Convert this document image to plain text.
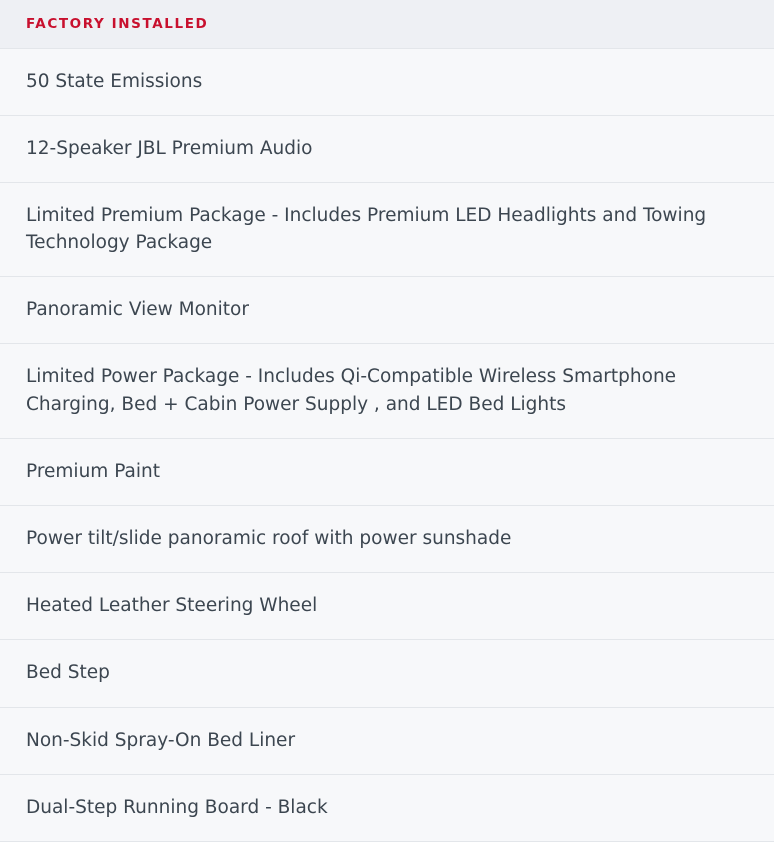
FACTORY INSTALLED
50 State Emissions
12-Speaker JBL Premium Audio
Limited Premium Package - Includes Premium LED Headlights and Towing Technology Package
Panoramic View Monitor
Limited Power Package - Includes Qi-Compatible Wireless Smartphone Charging, Bed + Cabin Power Supply , and LED Bed Lights
Premium Paint
Power tilt/slide panoramic roof with power sunshade
Heated Leather Steering Wheel
Bed Step
Non-Skid Spray-On Bed Liner
Dual-Step Running Board - Black
